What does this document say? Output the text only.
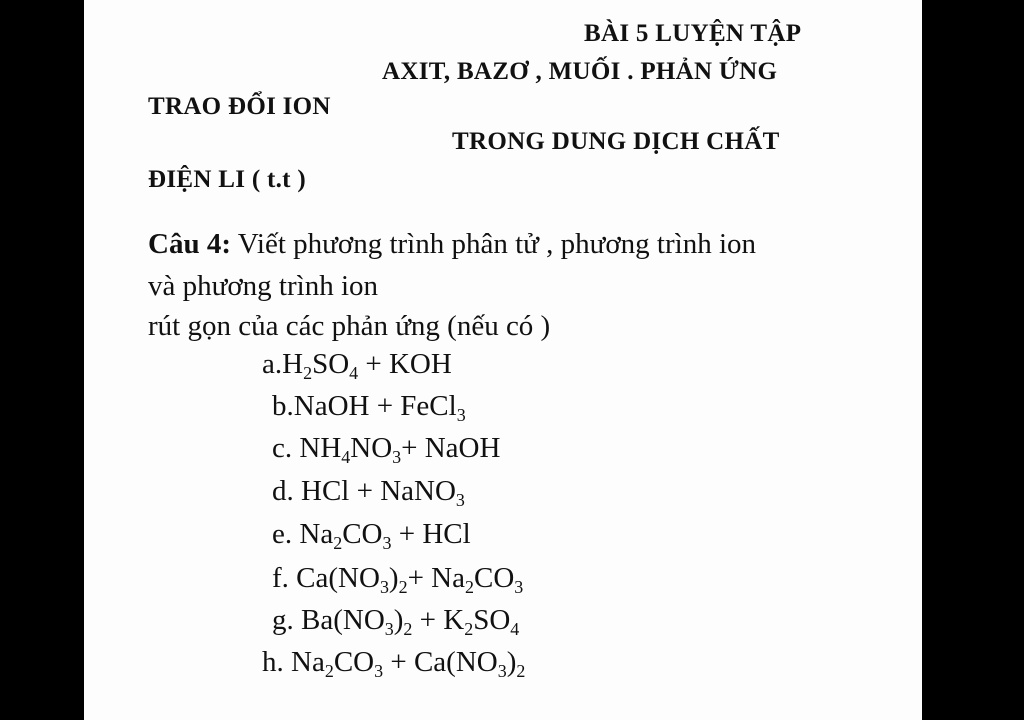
BÀI 5 LUYỆN TẬP
AXIT, BAZƠ , MUỐI . PHẢN ỨNG
TRAO ĐỔI ION
TRONG DUNG DỊCH CHẤT
ĐIỆN LI ( t.t )
Câu 4: Viết phương trình phân tử , phương trình ion
và phương trình ion
rút gọn của các phản ứng (nếu có )
$a.H_2SO_4$ + KOH
b.NaOH + FeCl$_3$
c. $NH_4NO_3+$ NaOH
d. HCl + NaNO$_3$
e. $Na_2CO_3$ + HCl
f. $Ca(NO_3)_2+ Na_2CO_3$
g. $Ba(NO_3)_2 + K_2SO_4$
h. $Na_2CO_3 + Ca(NO_3)_2$
